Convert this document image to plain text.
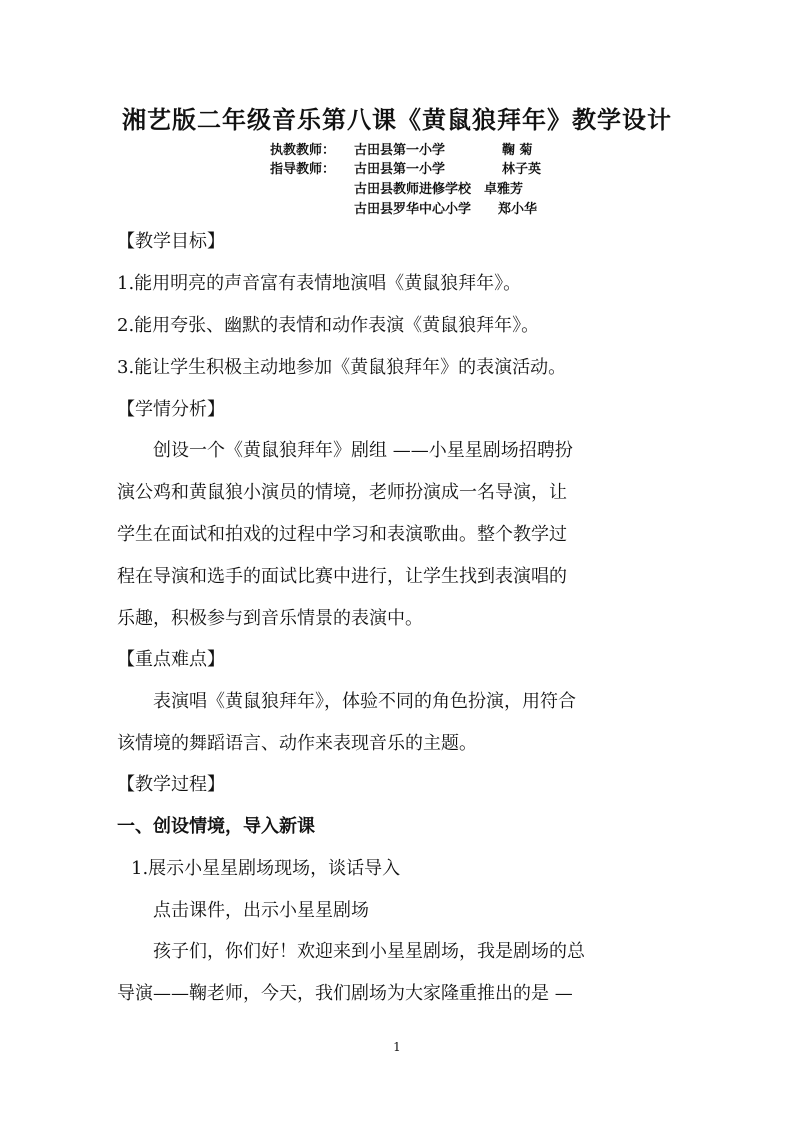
湘艺版二年级音乐第八课《黄鼠狼拜年》教学设计
执教教师： 古田县第一小学	鞠 菊
指导教师： 古田县第一小学	林子英
古田县教师进修学校 卓雅芳
古田县罗华中心小学 郑小华
【教学目标】
1.能用明亮的声音富有表情地演唱《黄鼠狼拜年》。
2.能用夸张、幽默的表情和动作表演《黄鼠狼拜年》。
3.能让学生积极主动地参加《黄鼠狼拜年》的表演活动。
【学情分析】
创设一个《黄鼠狼拜年》剧组 ——小星星剧场招聘扮
演公鸡和黄鼠狼小演员的情境，老师扮演成一名导演，让
学生在面试和拍戏的过程中学习和表演歌曲。整个教学过
程在导演和选手的面试比赛中进行，让学生找到表演唱的
乐趣，积极参与到音乐情景的表演中。
【重点难点】
表演唱《黄鼠狼拜年》，体验不同的角色扮演，用符合
该情境的舞蹈语言、动作来表现音乐的主题。
【教学过程】
一、创设情境，导入新课
1.展示小星星剧场现场，谈话导入
点击课件，出示小星星剧场
孩子们，你们好！欢迎来到小星星剧场，我是剧场的总
导演——鞠老师，今天，我们剧场为大家隆重推出的是 —
1
